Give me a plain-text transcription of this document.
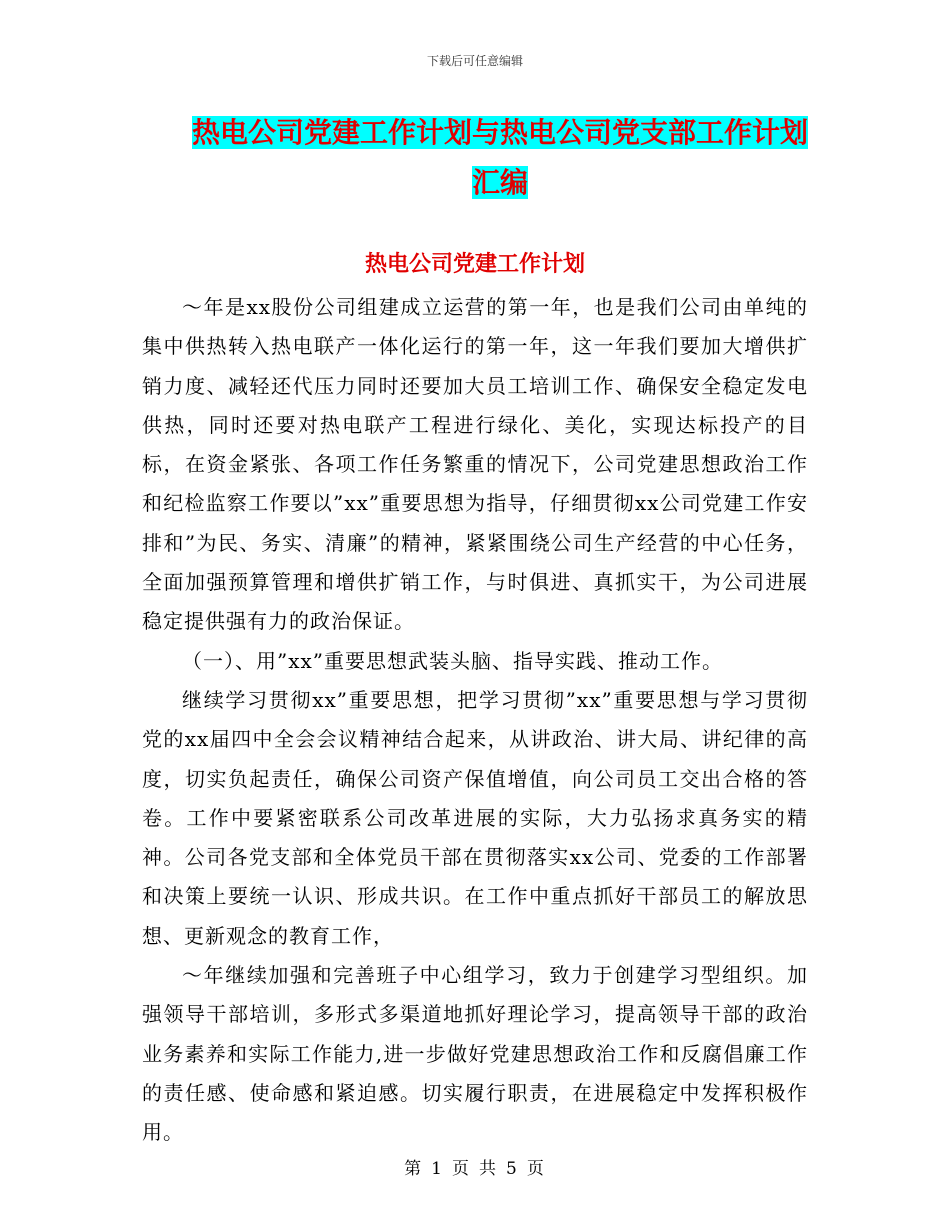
下载后可任意编辑
热电公司党建工作计划与热电公司党支部工作计划汇编
热电公司党建工作计划

～年是xx股份公司组建成立运营的第一年，也是我们公司由单纯的集中供热转入热电联产一体化运行的第一年，这一年我们要加大增供扩销力度、减轻还代压力同时还要加大员工培训工作、确保安全稳定发电供热，同时还要对热电联产工程进行绿化、美化，实现达标投产的目标，在资金紧张、各项工作任务繁重的情况下，公司党建思想政治工作和纪检监察工作要以”xx”重要思想为指导，仔细贯彻xx公司党建工作安排和”为民、务实、清廉”的精神，紧紧围绕公司生产经营的中心任务，全面加强预算管理和增供扩销工作，与时俱进、真抓实干，为公司进展稳定提供强有力的政治保证。

（一）、用”xx”重要思想武装头脑、指导实践、推动工作。

继续学习贯彻xx”重要思想，把学习贯彻”xx”重要思想与学习贯彻党的xx届四中全会会议精神结合起来，从讲政治、讲大局、讲纪律的高度，切实负起责任，确保公司资产保值增值，向公司员工交出合格的答卷。工作中要紧密联系公司改革进展的实际，大力弘扬求真务实的精神。公司各党支部和全体党员干部在贯彻落实xx公司、党委的工作部署和决策上要统一认识、形成共识。在工作中重点抓好干部员工的解放思想、更新观念的教育工作，

～年继续加强和完善班子中心组学习，致力于创建学习型组织。加强领导干部培训，多形式多渠道地抓好理论学习，提高领导干部的政治业务素养和实际工作能力,进一步做好党建思想政治工作和反腐倡廉工作的责任感、使命感和紧迫感。切实履行职责，在进展稳定中发挥积极作用。

第 1 页 共 5 页
